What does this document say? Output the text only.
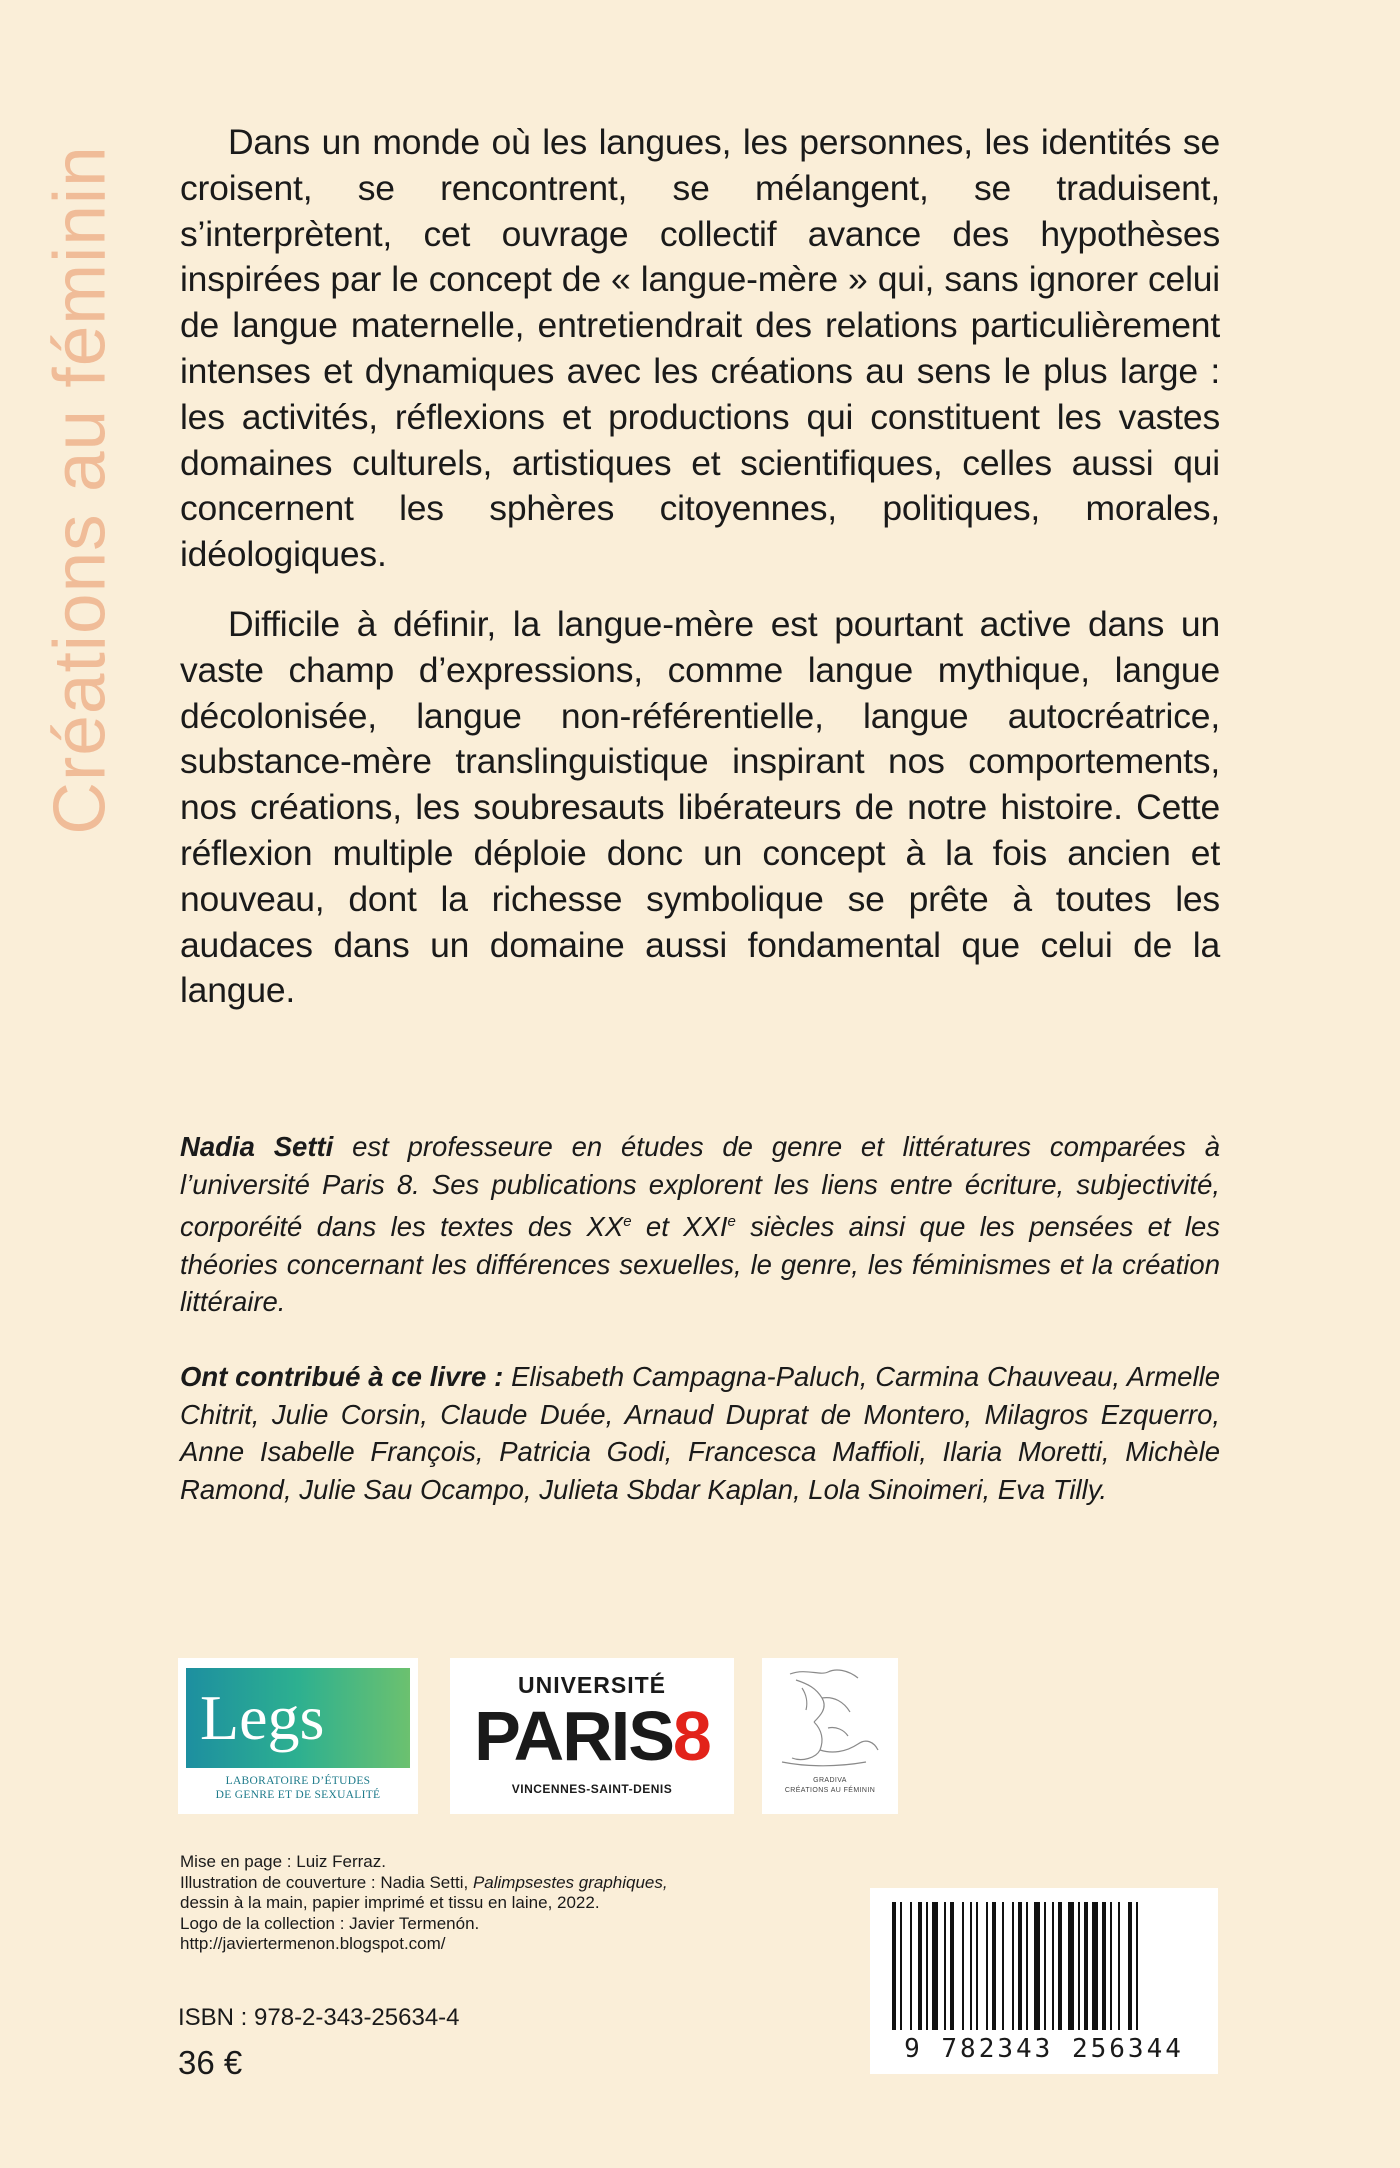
Créations au féminin

Dans un monde où les langues, les personnes, les identités se croisent, se rencontrent, se mélangent, se traduisent, s’interprètent, cet ouvrage collectif avance des hypothèses inspirées par le concept de « langue-mère » qui, sans ignorer celui de langue maternelle, entretiendrait des relations particulièrement intenses et dynamiques avec les créations au sens le plus large : les activités, réflexions et productions qui constituent les vastes domaines culturels, artistiques et scientifiques, celles aussi qui concernent les sphères citoyennes, politiques, morales, idéologiques.

Difficile à définir, la langue-mère est pourtant active dans un vaste champ d’expressions, comme langue mythique, langue décolonisée, langue non-référentielle, langue autocréatrice, substance-mère translinguistique inspirant nos comportements, nos créations, les soubresauts libérateurs de notre histoire. Cette réflexion multiple déploie donc un concept à la fois ancien et nouveau, dont la richesse symbolique se prête à toutes les audaces dans un domaine aussi fondamental que celui de la langue.

Nadia Setti est professeure en études de genre et littératures comparées à l’université Paris 8. Ses publications explorent les liens entre écriture, subjectivité, corporéité dans les textes des XXe et XXIe siècles ainsi que les pensées et les théories concernant les différences sexuelles, le genre, les féminismes et la création littéraire.

Ont contribué à ce livre : Elisabeth Campagna-Paluch, Carmina Chauveau, Armelle Chitrit, Julie Corsin, Claude Duée, Arnaud Duprat de Montero, Milagros Ezquerro, Anne Isabelle François, Patricia Godi, Francesca Maffioli, Ilaria Moretti, Michèle Ramond, Julie Sau Ocampo, Julieta Sbdar Kaplan, Lola Sinoimeri, Eva Tilly.

Legs
LABORATOIRE D’ÉTUDES
DE GENRE ET DE SEXUALITÉ
UNIVERSITÉ
PARIS8
VINCENNES-SAINT-DENIS
GRADIVA
CRÉATIONS AU FÉMININ
Mise en page : Luiz Ferraz.
Illustration de couverture : Nadia Setti, Palimpsestes graphiques,
dessin à la main, papier imprimé et tissu en laine, 2022.
Logo de la collection : Javier Termenón.
http://javiertermenon.blogspot.com/
ISBN : 978-2-343-25634-4
36 €	9 782343 256344
